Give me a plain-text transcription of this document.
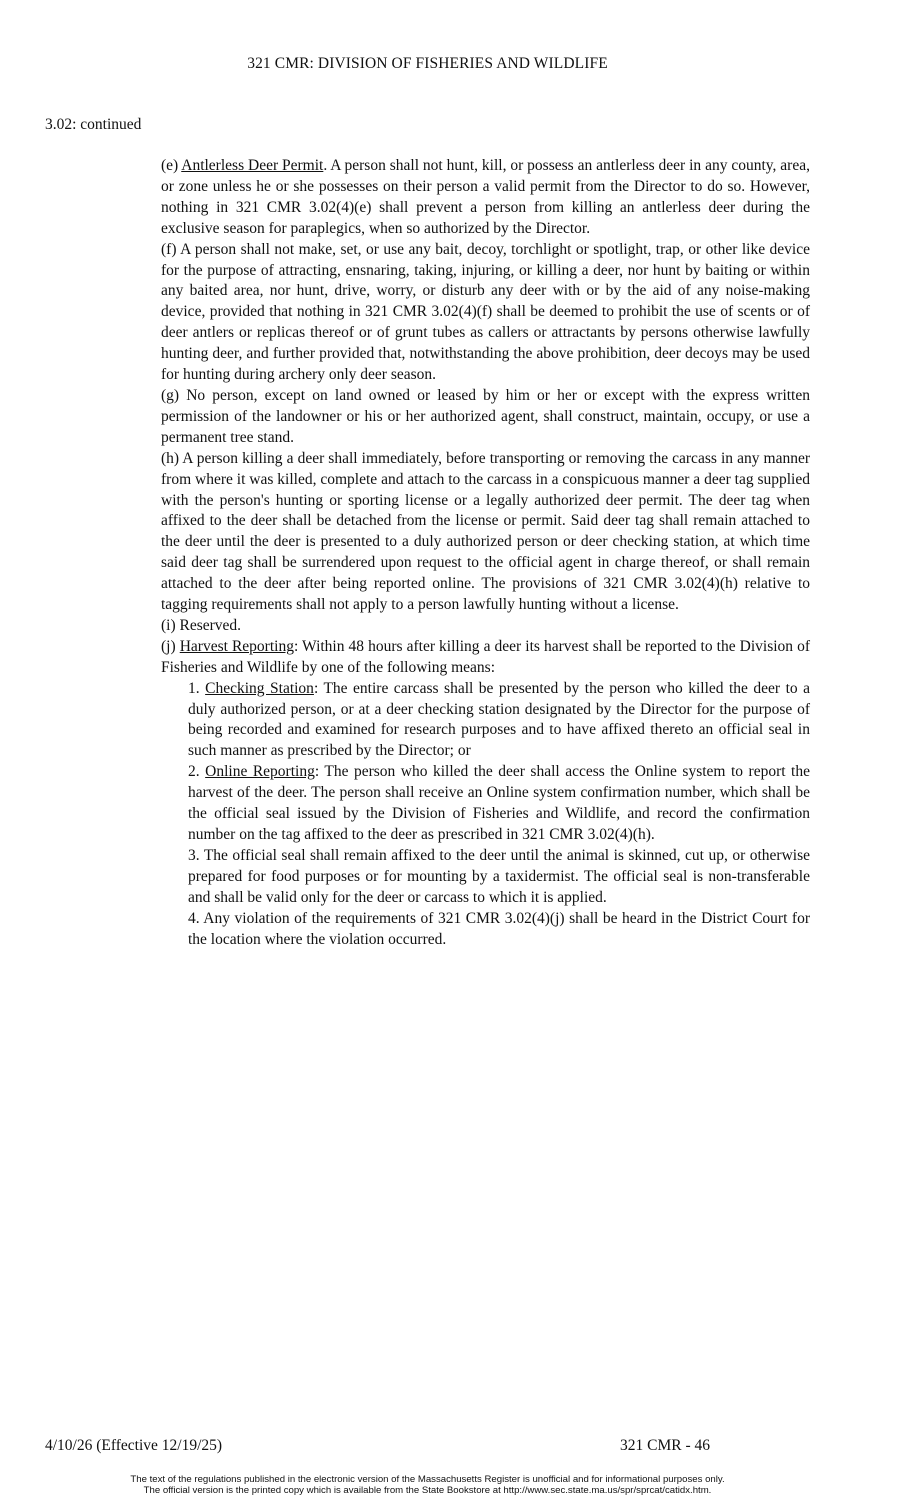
321 CMR: DIVISION OF FISHERIES AND WILDLIFE
3.02: continued

(e) Antlerless Deer Permit. A person shall not hunt, kill, or possess an antlerless deer in any county, area, or zone unless he or she possesses on their person a valid permit from the Director to do so. However, nothing in 321 CMR 3.02(4)(e) shall prevent a person from killing an antlerless deer during the exclusive season for paraplegics, when so authorized by the Director.

(f) A person shall not make, set, or use any bait, decoy, torchlight or spotlight, trap, or other like device for the purpose of attracting, ensnaring, taking, injuring, or killing a deer, nor hunt by baiting or within any baited area, nor hunt, drive, worry, or disturb any deer with or by the aid of any noise-making device, provided that nothing in 321 CMR 3.02(4)(f) shall be deemed to prohibit the use of scents or of deer antlers or replicas thereof or of grunt tubes as callers or attractants by persons otherwise lawfully hunting deer, and further provided that, notwithstanding the above prohibition, deer decoys may be used for hunting during archery only deer season.

(g) No person, except on land owned or leased by him or her or except with the express written permission of the landowner or his or her authorized agent, shall construct, maintain, occupy, or use a permanent tree stand.

(h) A person killing a deer shall immediately, before transporting or removing the carcass in any manner from where it was killed, complete and attach to the carcass in a conspicuous manner a deer tag supplied with the person's hunting or sporting license or a legally authorized deer permit. The deer tag when affixed to the deer shall be detached from the license or permit. Said deer tag shall remain attached to the deer until the deer is presented to a duly authorized person or deer checking station, at which time said deer tag shall be surrendered upon request to the official agent in charge thereof, or shall remain attached to the deer after being reported online. The provisions of 321 CMR 3.02(4)(h) relative to tagging requirements shall not apply to a person lawfully hunting without a license.

(i) Reserved.

(j) Harvest Reporting: Within 48 hours after killing a deer its harvest shall be reported to the Division of Fisheries and Wildlife by one of the following means:

1. Checking Station: The entire carcass shall be presented by the person who killed the deer to a duly authorized person, or at a deer checking station designated by the Director for the purpose of being recorded and examined for research purposes and to have affixed thereto an official seal in such manner as prescribed by the Director; or

2. Online Reporting: The person who killed the deer shall access the Online system to report the harvest of the deer. The person shall receive an Online system confirmation number, which shall be the official seal issued by the Division of Fisheries and Wildlife, and record the confirmation number on the tag affixed to the deer as prescribed in 321 CMR 3.02(4)(h).

3. The official seal shall remain affixed to the deer until the animal is skinned, cut up, or otherwise prepared for food purposes or for mounting by a taxidermist. The official seal is non-transferable and shall be valid only for the deer or carcass to which it is applied.

4. Any violation of the requirements of 321 CMR 3.02(4)(j) shall be heard in the District Court for the location where the violation occurred.

4/10/26 (Effective 12/19/25)	321 CMR - 46
The text of the regulations published in the electronic version of the Massachusetts Register is unofficial and for informational purposes only.
The official version is the printed copy which is available from the State Bookstore at http://www.sec.state.ma.us/spr/sprcat/catidx.htm.
